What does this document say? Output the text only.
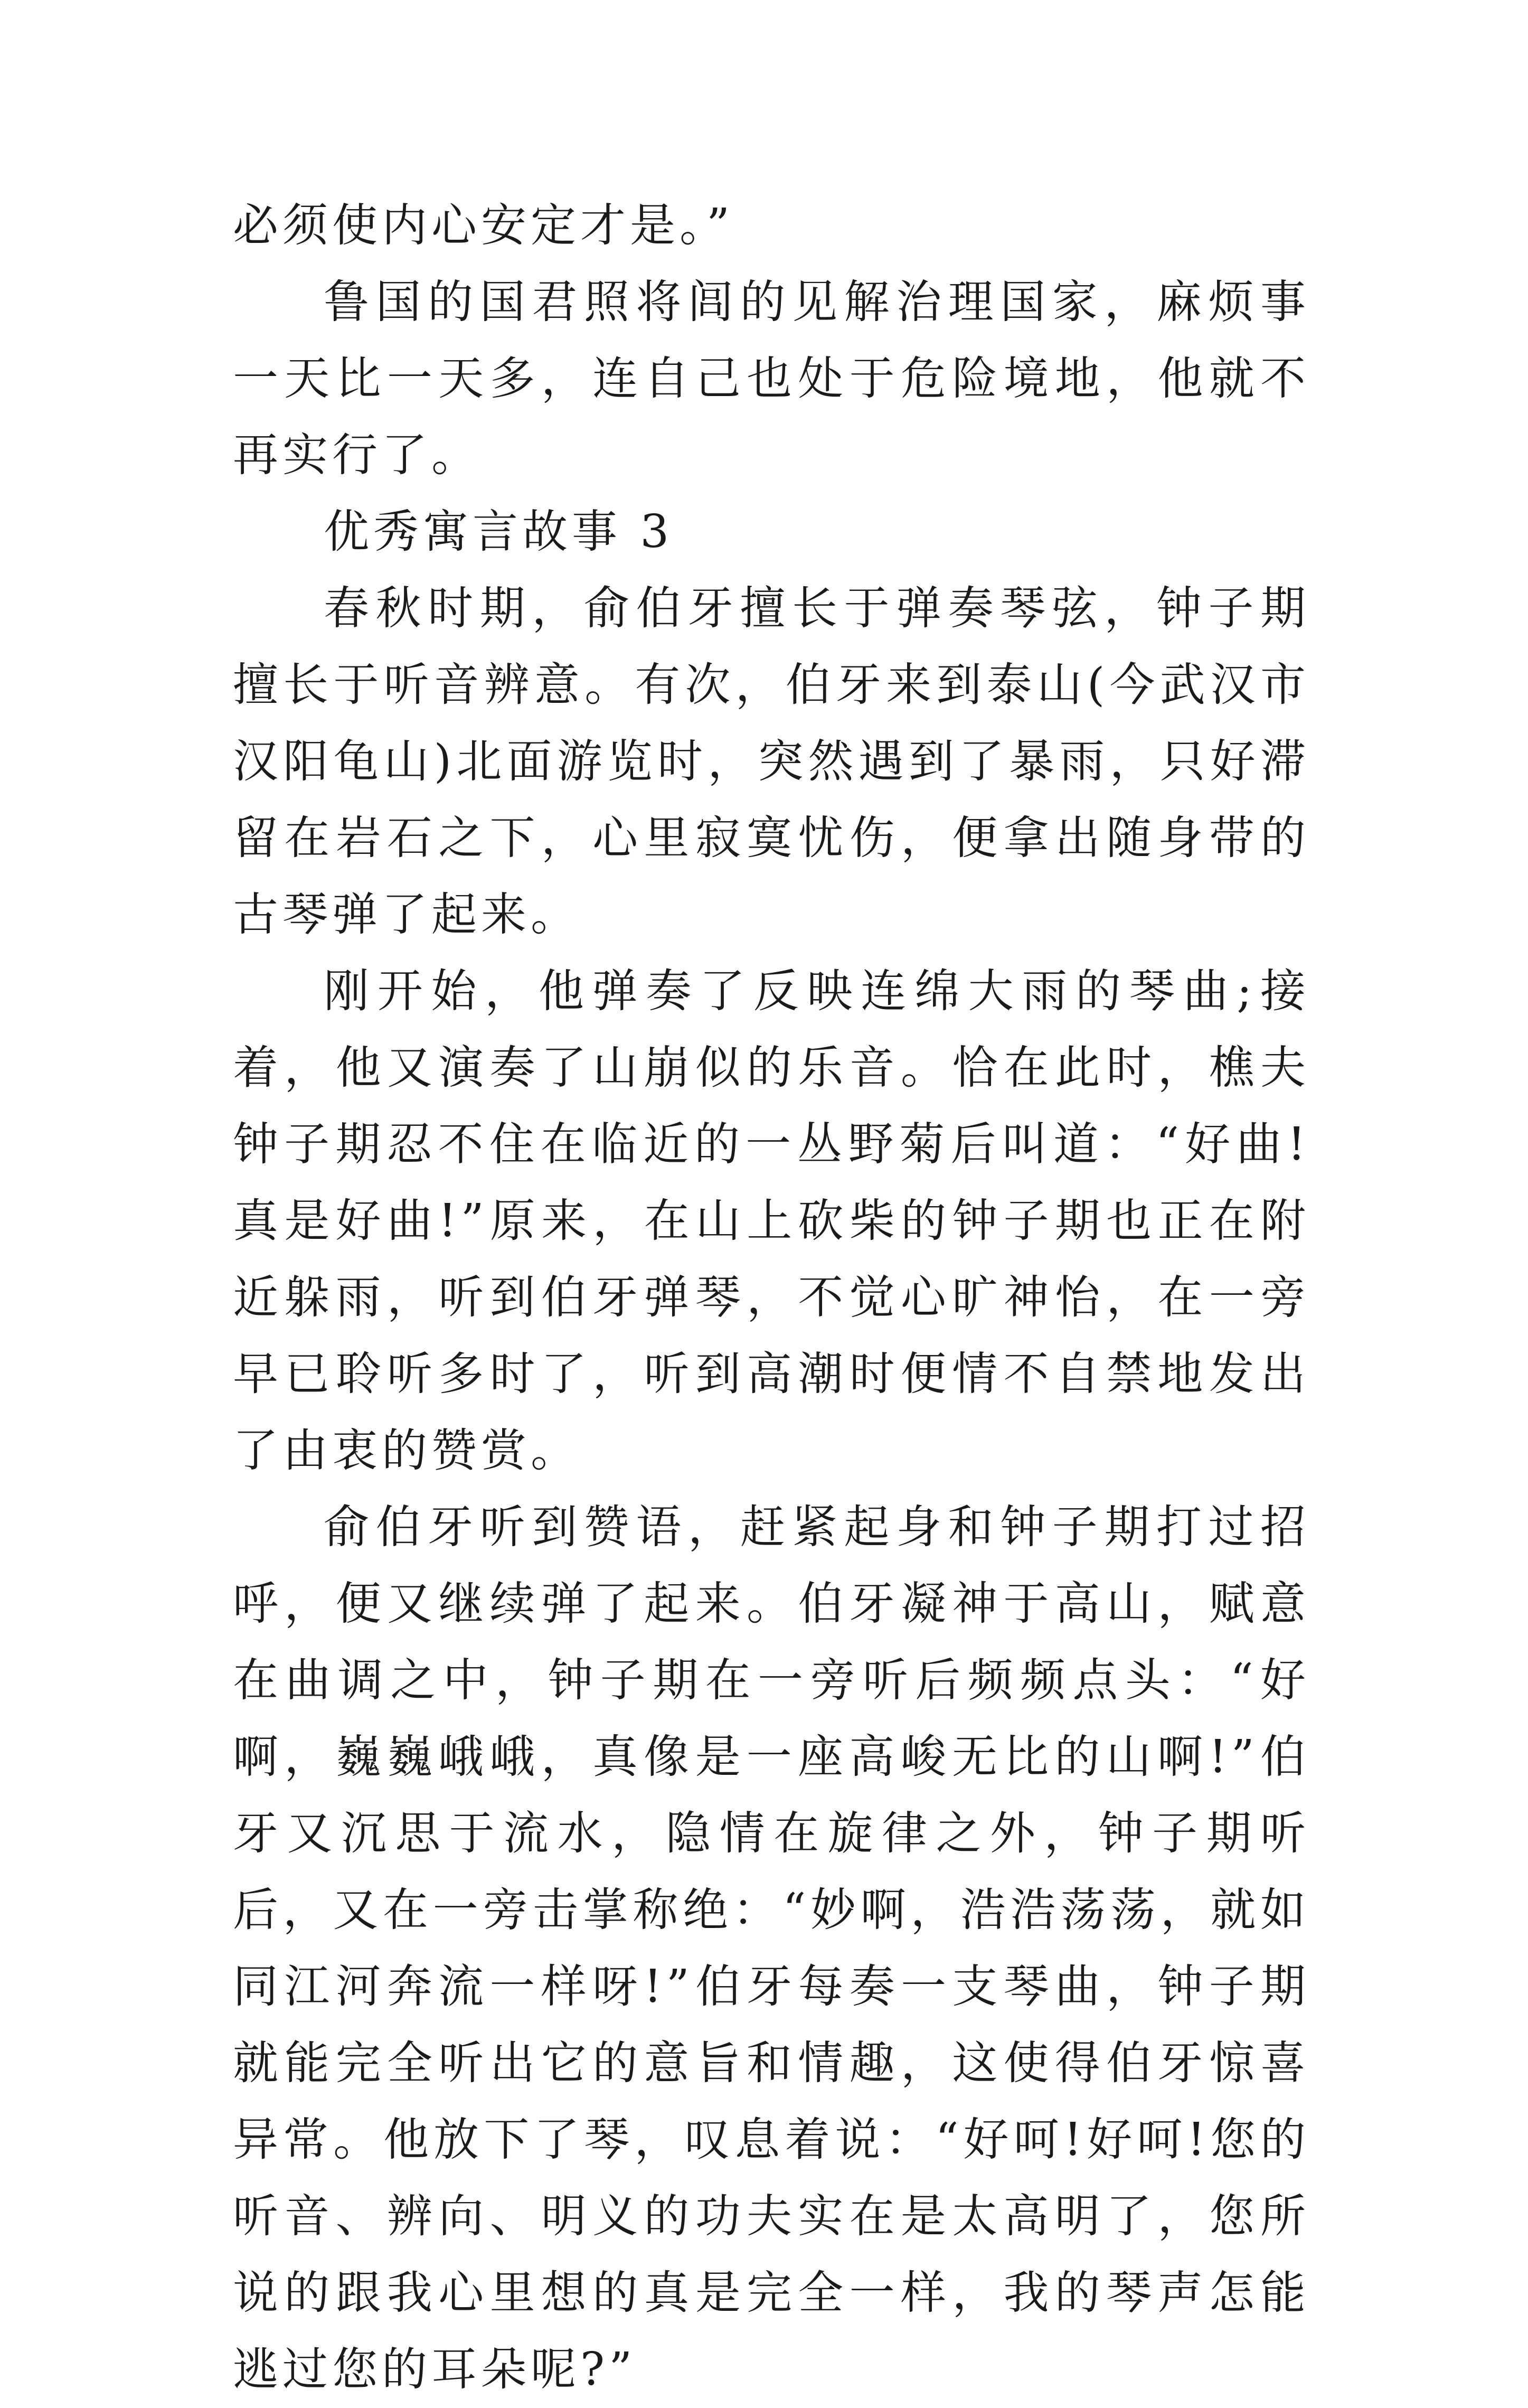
必须使内心安定才是。”

鲁国的国君照将闾的见解治理国家，麻烦事一天比一天多，连自己也处于危险境地，他就不再实行了。

优秀寓言故事 3

春秋时期，俞伯牙擅长于弹奏琴弦，钟子期擅长于听音辨意。有次，伯牙来到泰山(今武汉市汉阳龟山)北面游览时，突然遇到了暴雨，只好滞留在岩石之下，心里寂寞忧伤，便拿出随身带的古琴弹了起来。

刚开始，他弹奏了反映连绵大雨的琴曲;接着，他又演奏了山崩似的乐音。恰在此时，樵夫钟子期忍不住在临近的一丛野菊后叫道：“好曲!真是好曲!”原来，在山上砍柴的钟子期也正在附近躲雨，听到伯牙弹琴，不觉心旷神怡，在一旁早已聆听多时了，听到高潮时便情不自禁地发出了由衷的赞赏。

俞伯牙听到赞语，赶紧起身和钟子期打过招呼，便又继续弹了起来。伯牙凝神于高山，赋意在曲调之中，钟子期在一旁听后频频点头：“好啊，巍巍峨峨，真像是一座高峻无比的山啊!”伯牙又沉思于流水，隐情在旋律之外，钟子期听后，又在一旁击掌称绝：“妙啊，浩浩荡荡，就如同江河奔流一样呀!”伯牙每奏一支琴曲，钟子期就能完全听出它的意旨和情趣，这使得伯牙惊喜异常。他放下了琴，叹息着说：“好呵!好呵!您的听音、辨向、明义的功夫实在是太高明了，您所说的跟我心里想的真是完全一样，我的琴声怎能逃过您的耳朵呢?”
